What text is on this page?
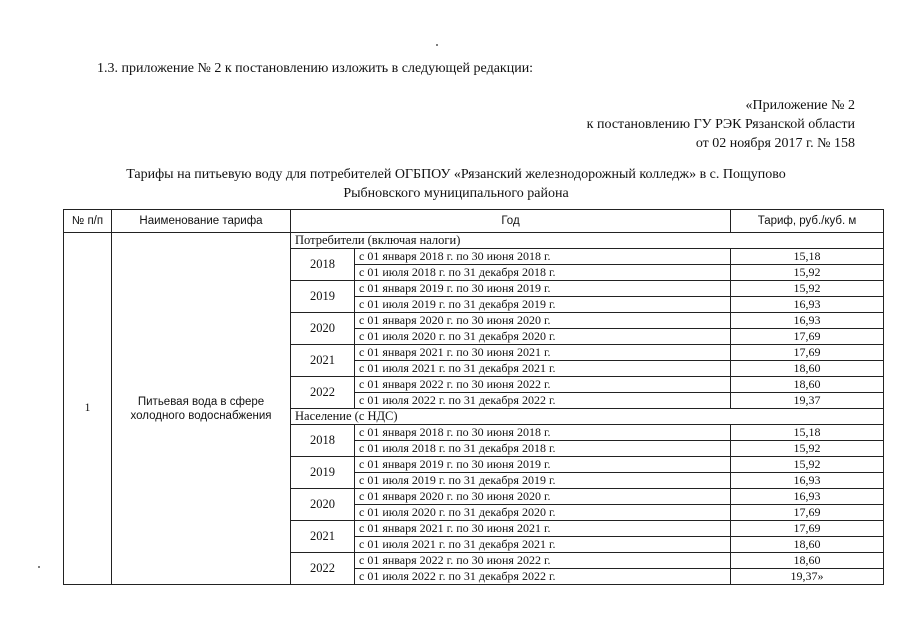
1.3. приложение № 2 к постановлению изложить в следующей редакции:
«Приложение № 2
к постановлению ГУ РЭК Рязанской области
от 02 ноября 2017 г. № 158
Тарифы на питьевую воду для потребителей ОГБПОУ «Рязанский железнодорожный колледж» в с. Пощупово
Рыбновского муниципального района
№ п/п	Наименование тарифа	Год		Тариф, руб./куб. м
1	Питьевая вода в сфере холодного водоснабжения	Потребители (включая налоги)		
		2018	с 01 января 2018 г. по 30 июня 2018 г.	15,18
			с 01 июля 2018 г. по 31 декабря 2018 г.	15,92
		2019	с 01 января 2019 г. по 30 июня 2019 г.	15,92
			с 01 июля 2019 г. по 31 декабря 2019 г.	16,93
		2020	с 01 января 2020 г. по 30 июня 2020 г.	16,93
			с 01 июля 2020 г. по 31 декабря 2020 г.	17,69
		2021	с 01 января 2021 г. по 30 июня 2021 г.	17,69
			с 01 июля 2021 г. по 31 декабря 2021 г.	18,60
		2022	с 01 января 2022 г. по 30 июня 2022 г.	18,60
			с 01 июля 2022 г. по 31 декабря 2022 г.	19,37
		Население (с НДС)		
		2018	с 01 января 2018 г. по 30 июня 2018 г.	15,18
			с 01 июля 2018 г. по 31 декабря 2018 г.	15,92
		2019	с 01 января 2019 г. по 30 июня 2019 г.	15,92
			с 01 июля 2019 г. по 31 декабря 2019 г.	16,93
		2020	с 01 января 2020 г. по 30 июня 2020 г.	16,93
			с 01 июля 2020 г. по 31 декабря 2020 г.	17,69
		2021	с 01 января 2021 г. по 30 июня 2021 г.	17,69
			с 01 июля 2021 г. по 31 декабря 2021 г.	18,60
		2022	с 01 января 2022 г. по 30 июня 2022 г.	18,60
			с 01 июля 2022 г. по 31 декабря 2022 г.	19,37»
